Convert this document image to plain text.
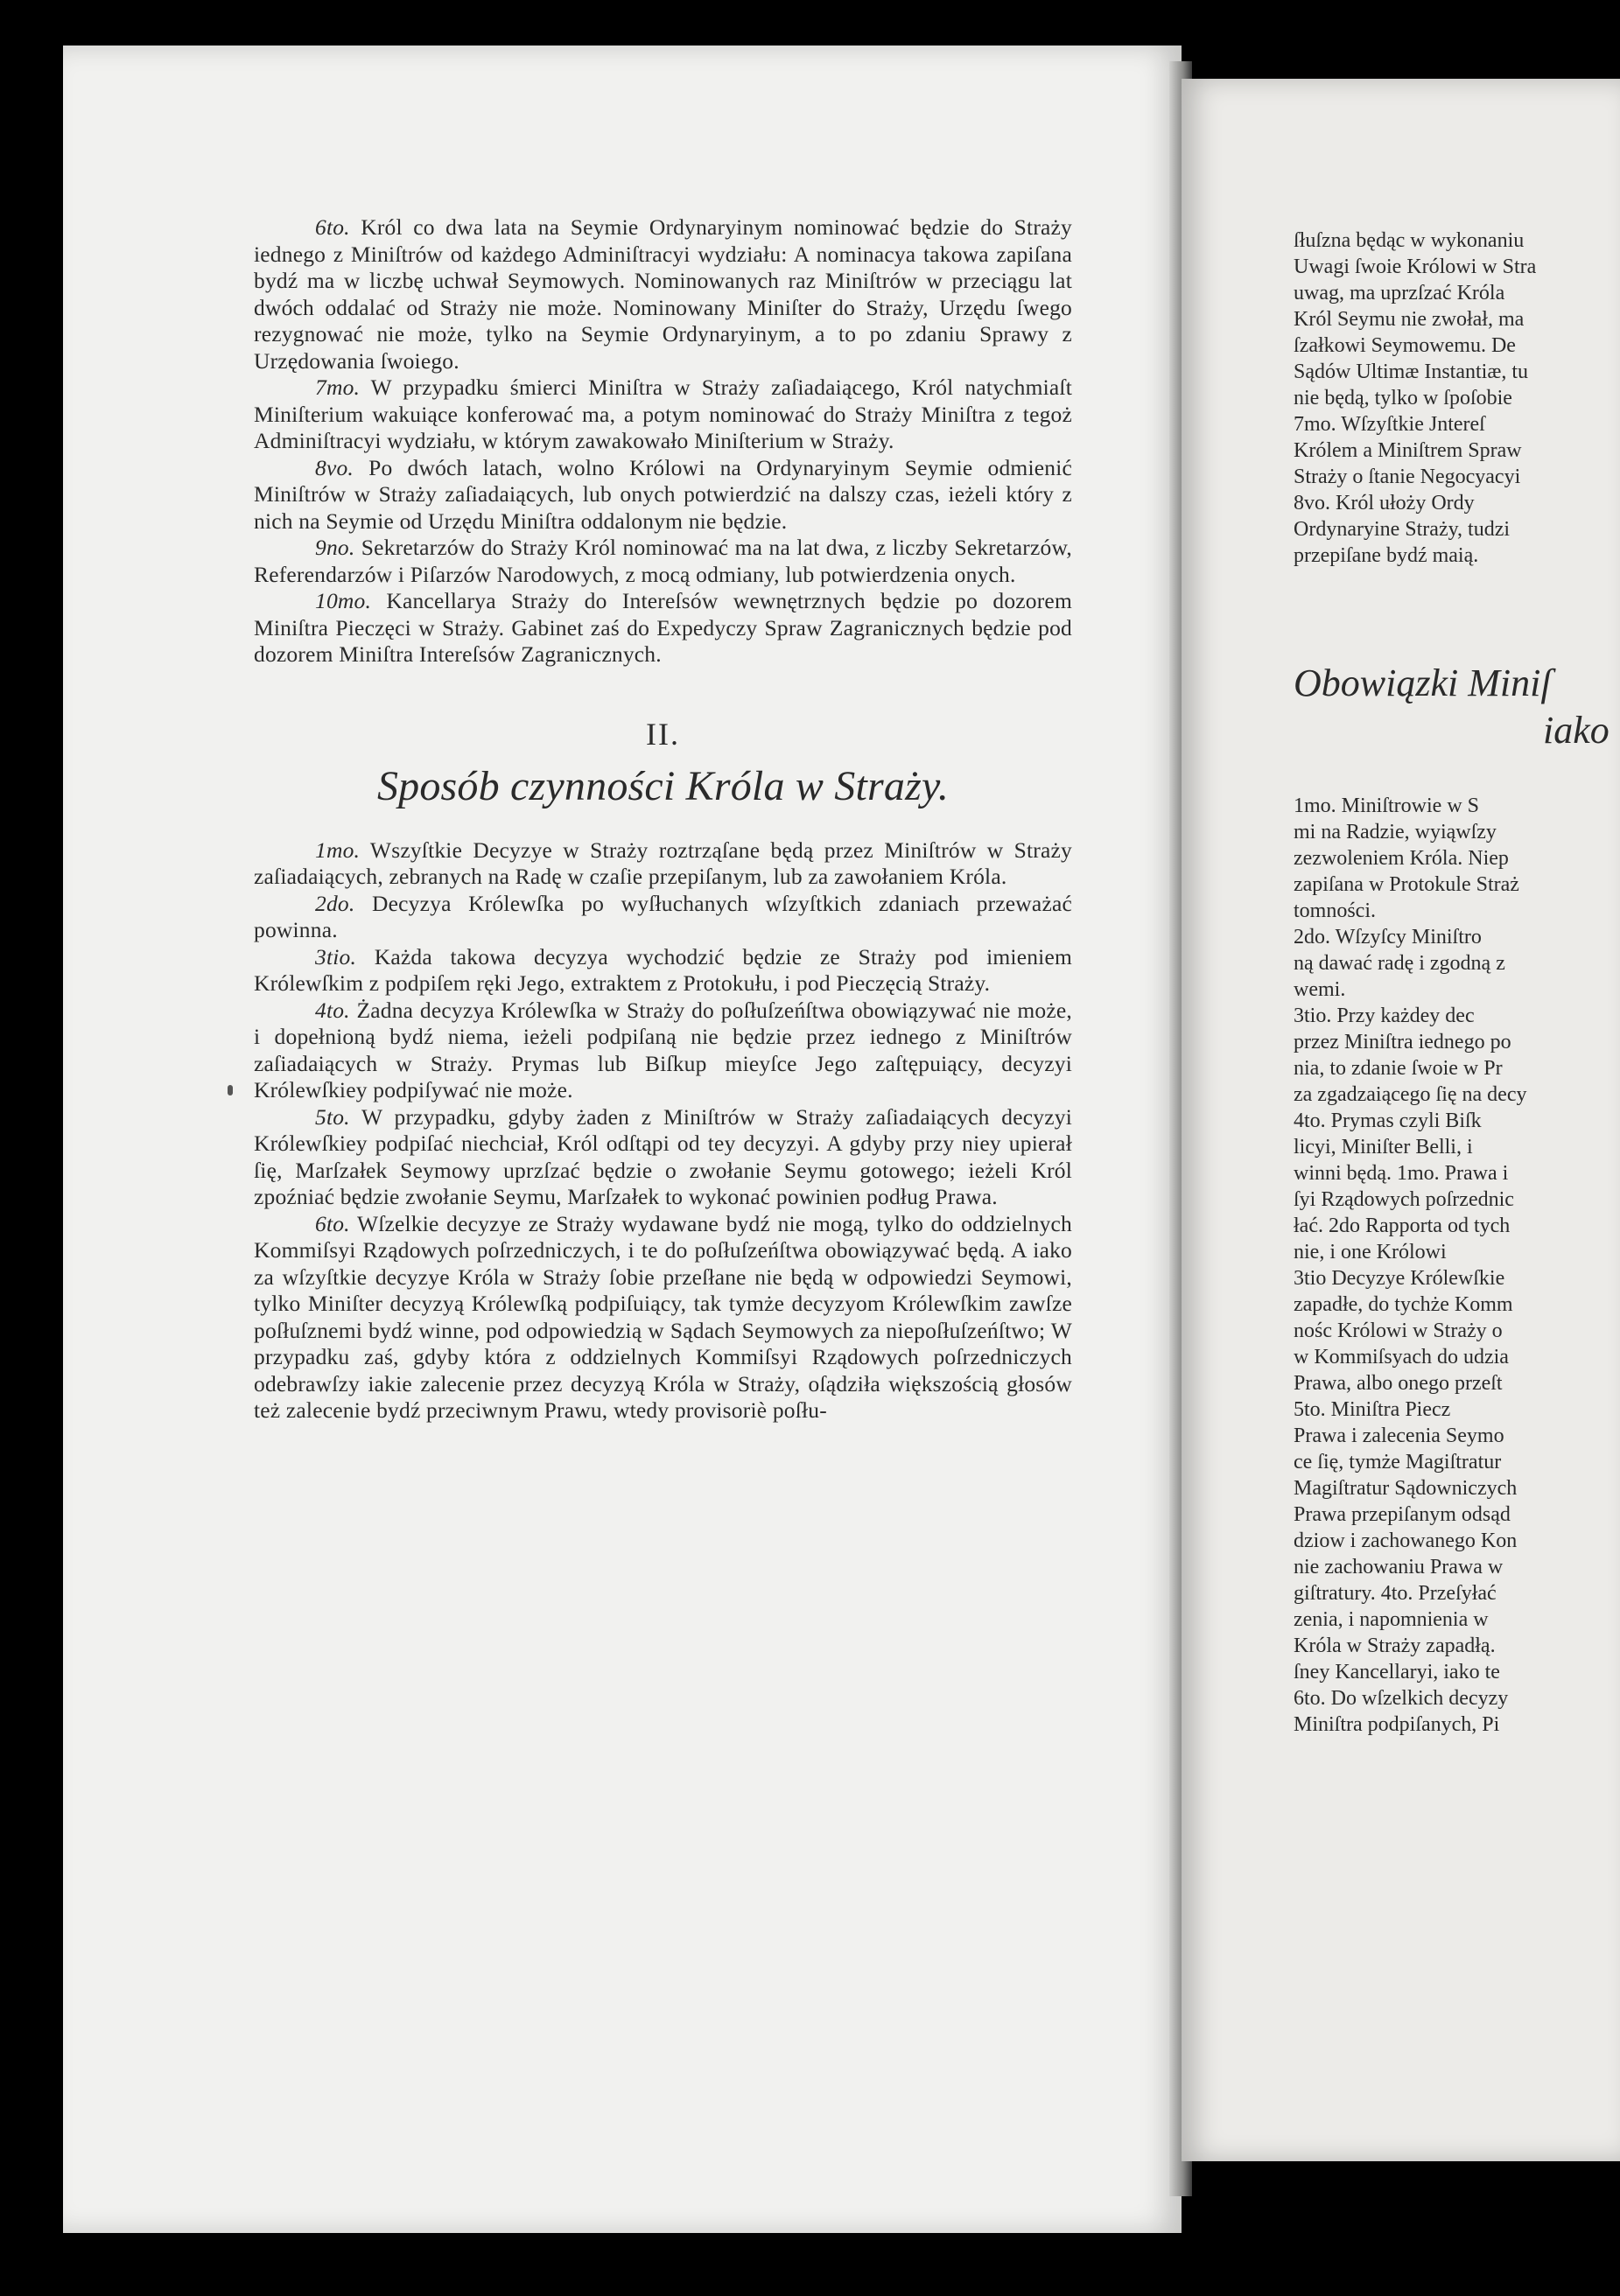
ſłuſzna będąc w wykonaniu
Uwagi ſwoie Królowi w Stra
uwag, ma uprzſzać Króla
Król Seymu nie zwołał, ma
ſzałkowi Seymowemu. De
Sądów Ultimæ Instantiæ, tu
nie będą, tylko w ſpoſobie
7mo. Wſzyſtkie Jntereſ
Królem a Miniſtrem Spraw
Straży o ſtanie Negocyacyi
8vo. Król ułoży Ordy
Ordynaryine Straży, tudzi
przepiſane bydź maią.
Obowiązki Miniſ
iako
1mo. Miniſtrowie w S
mi na Radzie, wyiąwſzy
zezwoleniem Króla. Niep
zapiſana w Protokule Straż
tomności.
2do. Wſzyſcy Miniſtro
ną dawać radę i zgodną z
wemi.
3tio. Przy każdey dec
przez Miniſtra iednego po
nia, to zdanie ſwoie w Pr
za zgadzaiącego ſię na decy
4to. Prymas czyli Biſk
licyi, Miniſter Belli, i
winni będą. 1mo. Prawa i
ſyi Rządowych poſrzednic
łać. 2do Rapporta od tych
nie, i one Królowi
3tio Decyzye Królewſkie
zapadłe, do tychże Komm
nośc Królowi w Straży o
w Kommiſsyach do udzia
Prawa, albo onego przeſt
5to. Miniſtra Piecz
Prawa i zalecenia Seymo
ce ſię, tymże Magiſtratur
Magiſtratur Sądowniczych
Prawa przepiſanym odsąd
dziow i zachowanego Kon
nie zachowaniu Prawa w
giſtratury. 4to. Przeſyłać
zenia, i napomnienia w
Króla w Straży zapadłą.
ſney Kancellaryi, iako te
6to. Do wſzelkich decyzy
Miniſtra podpiſanych, Pi

6to. Król co dwa lata na Seymie Ordynaryinym nominować będzie do Straży iednego z Miniſtrów od każdego Adminiſtracyi wydziału: A nominacya takowa zapiſana bydź ma w liczbę uchwał Seymowych. Nominowanych raz Miniſtrów w przeciągu lat dwóch oddalać od Straży nie może. Nominowany Miniſter do Straży, Urzędu ſwego rezygnować nie może, tylko na Seymie Ordynaryinym, a to po zdaniu Sprawy z Urzędowania ſwoiego.

7mo. W przypadku śmierci Miniſtra w Straży zaſiadaiącego, Król natychmiaſt Miniſterium wakuiące konferować ma, a potym nominować do Straży Miniſtra z tegoż Adminiſtracyi wydziału, w którym zawakowało Miniſterium w Straży.

8vo. Po dwóch latach, wolno Królowi na Ordynaryinym Seymie odmienić Miniſtrów w Straży zaſiadaiących, lub onych potwierdzić na dalszy czas, ieżeli który z nich na Seymie od Urzędu Miniſtra oddalonym nie będzie.

9no. Sekretarzów do Straży Król nominować ma na lat dwa, z liczby Sekretarzów, Referendarzów i Piſarzów Narodowych, z mocą odmiany, lub potwierdzenia onych.

10mo. Kancellarya Straży do Intereſsów wewnętrznych będzie po dozorem Miniſtra Pieczęci w Straży. Gabinet zaś do Expedyczy Spraw Zagranicznych będzie pod dozorem Miniſtra Intereſsów Zagranicznych.

II.
Sposób czynności Króla w Straży.

1mo. Wszyſtkie Decyzye w Straży roztrząſane będą przez Miniſtrów w Straży zaſiadaiących, zebranych na Radę w czaſie przepiſanym, lub za zawołaniem Króla.

2do. Decyzya Królewſka po wyſłuchanych wſzyſtkich zdaniach przeważać powinna.

3tio. Każda takowa decyzya wychodzić będzie ze Straży pod imieniem Królewſkim z podpiſem ręki Jego, extraktem z Protokułu, i pod Pieczęcią Straży.

4to. Żadna decyzya Królewſka w Straży do poſłuſzeńſtwa obowiązywać nie może, i dopełnioną bydź niema, ieżeli podpiſaną nie będzie przez iednego z Miniſtrów zaſiadaiących w Straży. Prymas lub Biſkup mieyſce Jego zaſtępuiący, decyzyi Królewſkiey podpiſywać nie może.

5to. W przypadku, gdyby żaden z Miniſtrów w Straży zaſiadaiących decyzyi Królewſkiey podpiſać niechciał, Król odſtąpi od tey decyzyi. A gdyby przy niey upierał ſię, Marſzałek Seymowy uprzſzać będzie o zwołanie Seymu gotowego; ieżeli Król zpoźniać będzie zwołanie Seymu, Marſzałek to wykonać powinien podług Prawa.

6to. Wſzelkie decyzye ze Straży wydawane bydź nie mogą, tylko do oddzielnych Kommiſsyi Rządowych poſrzedniczych, i te do poſłuſzeńſtwa obowiązywać będą. A iako za wſzyſtkie decyzye Króla w Straży ſobie przeſłane nie będą w odpowiedzi Seymowi, tylko Miniſter decyzyą Królewſką podpiſuiący, tak tymże decyzyom Królewſkim zawſze poſłuſznemi bydź winne, pod odpowiedzią w Sądach Seymowych za niepoſłuſzeńſtwo; W przypadku zaś, gdyby która z oddzielnych Kommiſsyi Rządowych poſrzedniczych odebrawſzy iakie zalecenie przez decyzyą Króla w Straży, oſądziła większością głosów też zalecenie bydź przeciwnym Prawu, wtedy provisoriè poſłu-
